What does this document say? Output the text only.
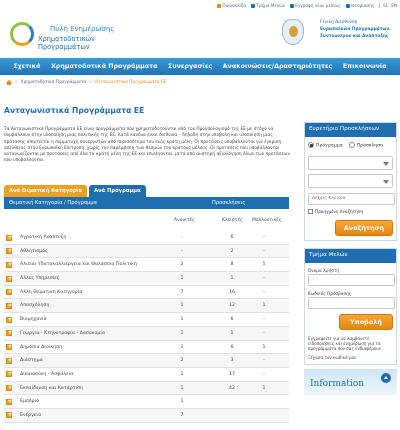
Οικοσελίδα Τμήμα Μελών Εγγραφή νέου μέλους Ιστορίασης EL EN
Πύλη Ενημέρωσης
Χρηματοδοτικών Προγραμμάτων
Γενική Διεύθυνση
Ευρωπαϊκών Προγραμμάτων,
Συντονισμού και Ανάπτυξης
Σχετικά Χρηματοδοτικά Προγράμματα Συνεργασίες Ανακοινώσεις/Δραστηριότητες Επικοινωνία
» Χρηματοδοτικά Προγράμματα » Ανταγωνιστικά Προγράμματα ΕΕ
Ανταγωνιστικά Προγράμματα ΕΕ
Τα Ανταγωνιστικά Προγράμματα ΕΕ είναι προγράμματα που χρηματοδοτούνται από τον Προϋπολογισμό της ΕΕ με στόχο να συμβάλλουν στην υλοποίηση μιας πολιτικής της ΕΕ. Κατά κανόνα είναι διεθνικά – δηλαδή στην υποβολή και υλοποίηση μιας πρότασης απαιτείται η συμμετοχή συνεργατών από περισσότερα του ενός κράτη μέλη. Οι προτάσεις υποβάλλονται για έγκριση απευθείας στην Ευρωπαϊκή Επιτροπή, χωρίς την παρέμβαση των θεσμών του κράτους μέλους. Οι προτάσεις που υποβάλλονται ανταγωνίζονται με προτάσεις από όλα τα κράτη μέλη της ΕΕ και επιλέγονται, μετά από αυστηρή αξιολόγηση όλων των προτάσεων που υποβάλλονται.
Ανά Θεματική Κατηγορία	Ανά Πρόγραμμα
Θεματική Κατηγορία / Πρόγραμμα	Προσκλήσεις
Ανοικτές	Κλειστές Μελλοντικές
+
Αγροτική Ανάπτυξη	-	6	-
+
Αθλητισμός	-	2	-
+
Αλιεία/ Υδατοκαλλιέργεια και Θαλάσσια Πολιτική	2	8	1
+
Άλλες Υπηρεσίες	1	1	-
+
Άλλη Θεματική Κατηγορία	7	16	-
+
Απασχόληση	1	12	1
+
Βιομηχανία	1	6	-
+
Γεωργία - Κτηνοτροφία - Δασοκομία	1	1	-
+
Δημόσια Διοίκηση	1	6	1
+
Διάστημα	2	3	-
+
Δικαιοσύνη - Ασφάλεια	1	17	-
+
Εκπαίδευση και Κατάρτιση	1	42	1
+
Εμπόριο	1
+
Ενέργεια	7
Ευρετήριο Προσκλήσεων
Πρόγραμμα	Πρόσκληση
Λέξεις Κλειδιά
Προηγμένη Αναζήτηση
Αναζήτηση
Τμήμα Μελών
Όνομα Χρήστη
Κωδικός Πρόσβασης
Υποβολή
Εγγραφείτε για να λαμβάνετε ειδοποιήσεις και ενημέρωση για τα προγράμματα που σας ενδιαφέρουν
Ξέχασα τον κωδικό μου
Information
